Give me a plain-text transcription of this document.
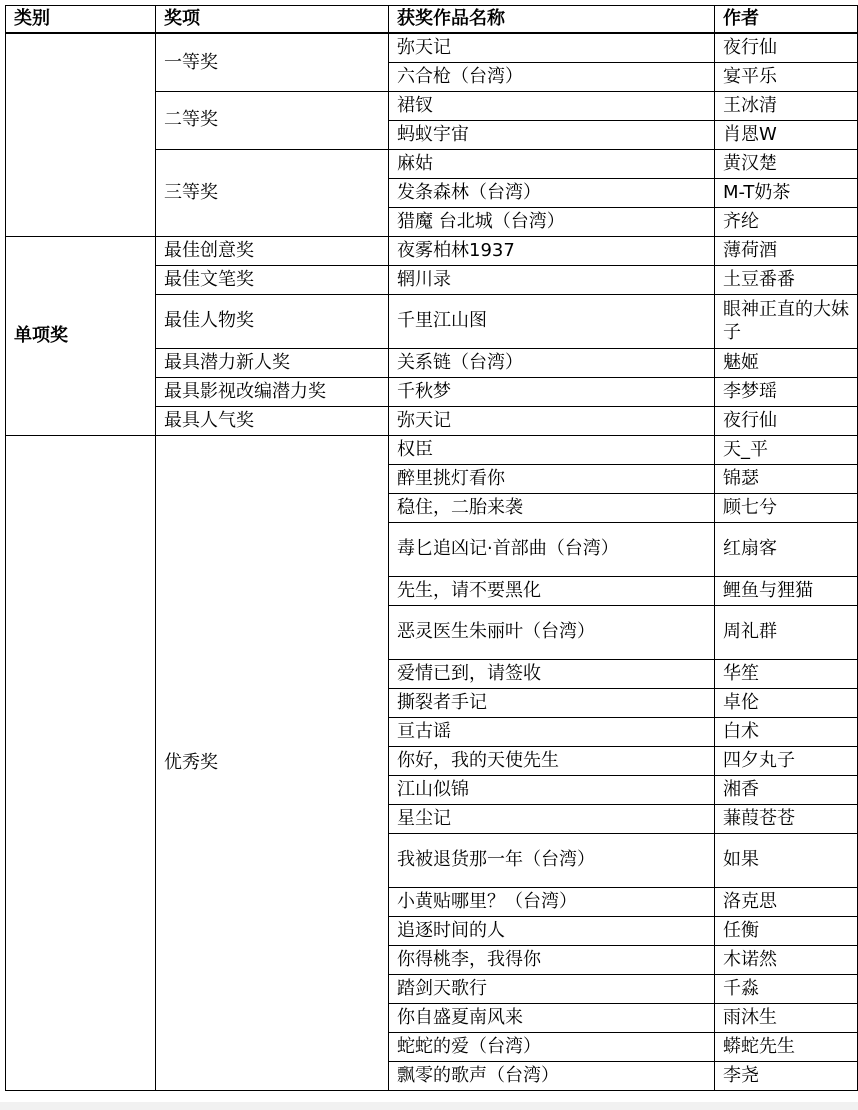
类别	奖项	获奖作品名称	作者
	一等奖	弥天记	夜行仙
		六合枪（台湾）	宴平乐
	二等奖	裙钗	王冰清
		蚂蚁宇宙	肖恩W
	三等奖	麻姑	黄汉楚
		发条森林（台湾）	M-T奶茶
		猎魔 台北城（台湾）	齐纶
单项奖	最佳创意奖	夜雾柏林1937	薄荷酒
	最佳文笔奖	辋川录	土豆番番
	最佳人物奖	千里江山图	眼神正直的大妹子
	最具潜力新人奖	关系链（台湾）	魅姬
	最具影视改编潜力奖	千秋梦	李梦瑶
	最具人气奖	弥天记	夜行仙
	优秀奖	权臣	天_平
		醉里挑灯看你	锦瑟
		稳住，二胎来袭	顾七兮
		毒匕追凶记·首部曲（台湾）	红扇客
		先生，请不要黑化	鲤鱼与狸猫
		恶灵医生朱丽叶（台湾）	周礼群
		爱情已到，请签收	华笙
		撕裂者手记	卓伦
		亘古谣	白术
		你好，我的天使先生	四夕丸子
		江山似锦	湘香
		星尘记	蒹葭苍苍
		我被退货那一年（台湾）	如果
		小黄贴哪里？（台湾）	洛克思
		追逐时间的人	任衡
		你得桃李，我得你	木诺然
		踏剑天歌行	千淼
		你自盛夏南风来	雨沐生
		蛇蛇的爱（台湾）	蟒蛇先生
		飘零的歌声（台湾）	李尧
